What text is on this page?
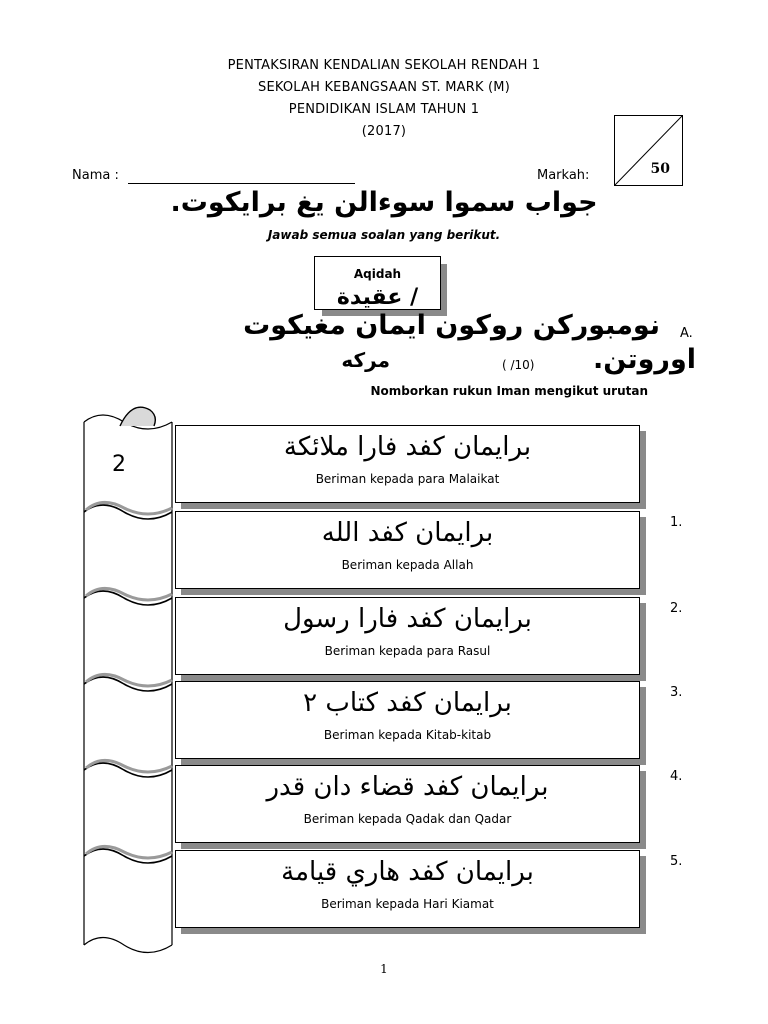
PENTAKSIRAN KENDALIAN SEKOLAH RENDAH 1
SEKOLAH KEBANGSAAN ST. MARK (M)
PENDIDIKAN ISLAM TAHUN 1
(2017)
Nama :	Markah:	50
جواب سموا سوءالن يغ برايكوت.
Jawab semua soalan yang berikut.
Aqidah
/ عقيدة
A.
نومبوركن روكون ايمان مغيكوت
اوروتن.
مركه	( /10)
Nomborkan rukun Iman mengikut urutan
2
برايمان كفد فارا ملائكة
Beriman kepada para Malaikat
برايمان كفد الله
Beriman kepada Allah
1.
برايمان كفد فارا رسول
Beriman kepada para Rasul
2.
برايمان كفد كتاب ٢
Beriman kepada Kitab-kitab
3.
برايمان كفد قضاء دان قدر
Beriman kepada Qadak dan Qadar
4.
برايمان كفد هاري قيامة
Beriman kepada Hari Kiamat
5.
1
